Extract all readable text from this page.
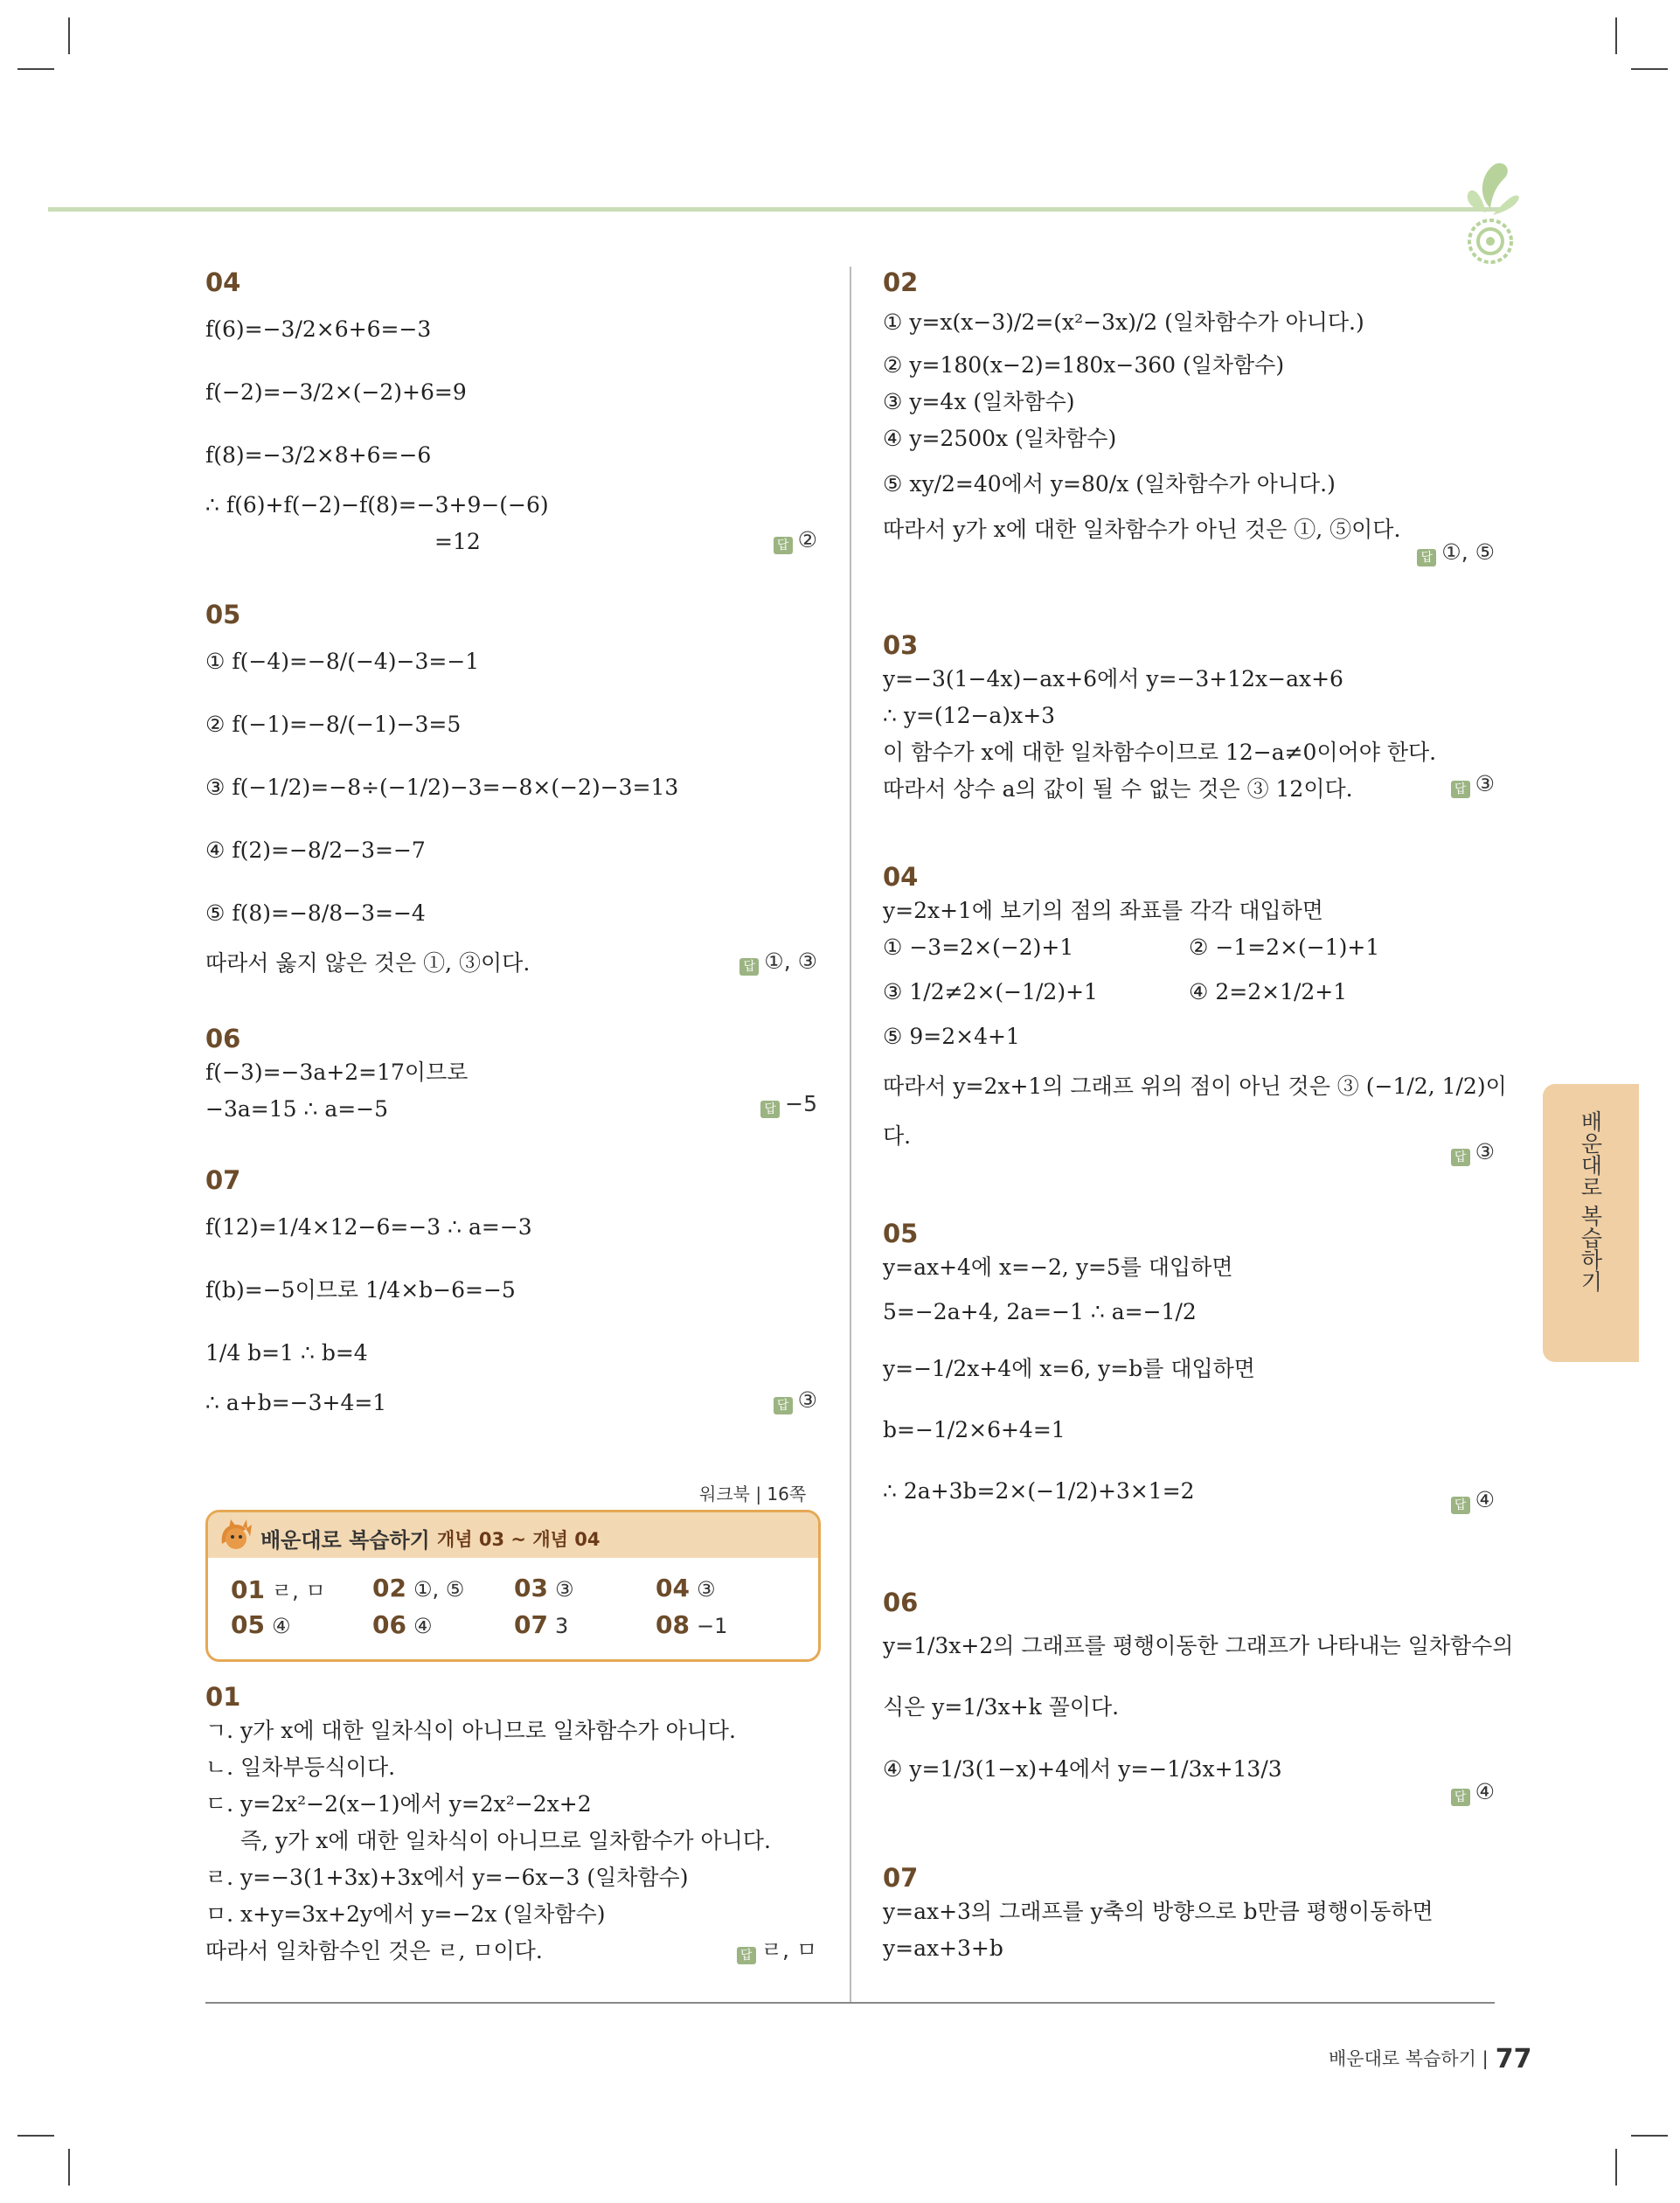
배운대로 복습하기
04
f(6)=−3/2×6+6=−3
f(−2)=−3/2×(−2)+6=9
f(8)=−3/2×8+6=−6
∴ f(6)+f(−2)−f(8)=−3+9−(−6)
=12	답 ②
05
① f(−4)=−8/(−4)−3=−1
② f(−1)=−8/(−1)−3=5
③ f(−1/2)=−8÷(−1/2)−3=−8×(−2)−3=13
④ f(2)=−8/2−3=−7
⑤ f(8)=−8/8−3=−4
따라서 옳지 않은 것은 ①, ③이다.	답 ①, ③
06
f(−3)=−3a+2=17이므로
−3a=15 ∴ a=−5	답 −5
07
f(12)=1/4×12−6=−3 ∴ a=−3
f(b)=−5이므로 1/4×b−6=−5
1/4 b=1 ∴ b=4
∴ a+b=−3+4=1	답 ③
01
ㄱ. y가 x에 대한 일차식이 아니므로 일차함수가 아니다.
ㄴ. 일차부등식이다.
ㄷ. y=2x²−2(x−1)에서 y=2x²−2x+2
즉, y가 x에 대한 일차식이 아니므로 일차함수가 아니다.
ㄹ. y=−3(1+3x)+3x에서 y=−6x−3 (일차함수)
ㅁ. x+y=3x+2y에서 y=−2x (일차함수)
따라서 일차함수인 것은 ㄹ, ㅁ이다.	답 ㄹ, ㅁ
워크북 | 16쪽
배운대로 복습하기 개념 03 ~ 개념 04
01 ㄹ, ㅁ 02 ①, ⑤ 03 ③	04 ③
05 ④	06 ④	07 3	08 −1
02
① y=x(x−3)/2=(x²−3x)/2 (일차함수가 아니다.)
② y=180(x−2)=180x−360 (일차함수)
③ y=4x (일차함수)
④ y=2500x (일차함수)
⑤ xy/2=40에서 y=80/x (일차함수가 아니다.)
따라서 y가 x에 대한 일차함수가 아닌 것은 ①, ⑤이다.
답 ①, ⑤
03
y=−3(1−4x)−ax+6에서 y=−3+12x−ax+6
∴ y=(12−a)x+3
이 함수가 x에 대한 일차함수이므로 12−a≠0이어야 한다.
따라서 상수 a의 값이 될 수 없는 것은 ③ 12이다.	답 ③
04
y=2x+1에 보기의 점의 좌표를 각각 대입하면
① −3=2×(−2)+1	② −1=2×(−1)+1
③ 1/2≠2×(−1/2)+1	④ 2=2×1/2+1
⑤ 9=2×4+1
따라서 y=2x+1의 그래프 위의 점이 아닌 것은 ③ (−1/2, 1/2)이
다.
답 ③
05
y=ax+4에 x=−2, y=5를 대입하면
5=−2a+4, 2a=−1 ∴ a=−1/2
y=−1/2x+4에 x=6, y=b를 대입하면
b=−1/2×6+4=1
∴ 2a+3b=2×(−1/2)+3×1=2
답 ④
06
y=1/3x+2의 그래프를 평행이동한 그래프가 나타내는 일차함수의
식은 y=1/3x+k 꼴이다.
④ y=1/3(1−x)+4에서 y=−1/3x+13/3
답 ④
07
y=ax+3의 그래프를 y축의 방향으로 b만큼 평행이동하면
y=ax+3+b
배운대로 복습하기 | 77
